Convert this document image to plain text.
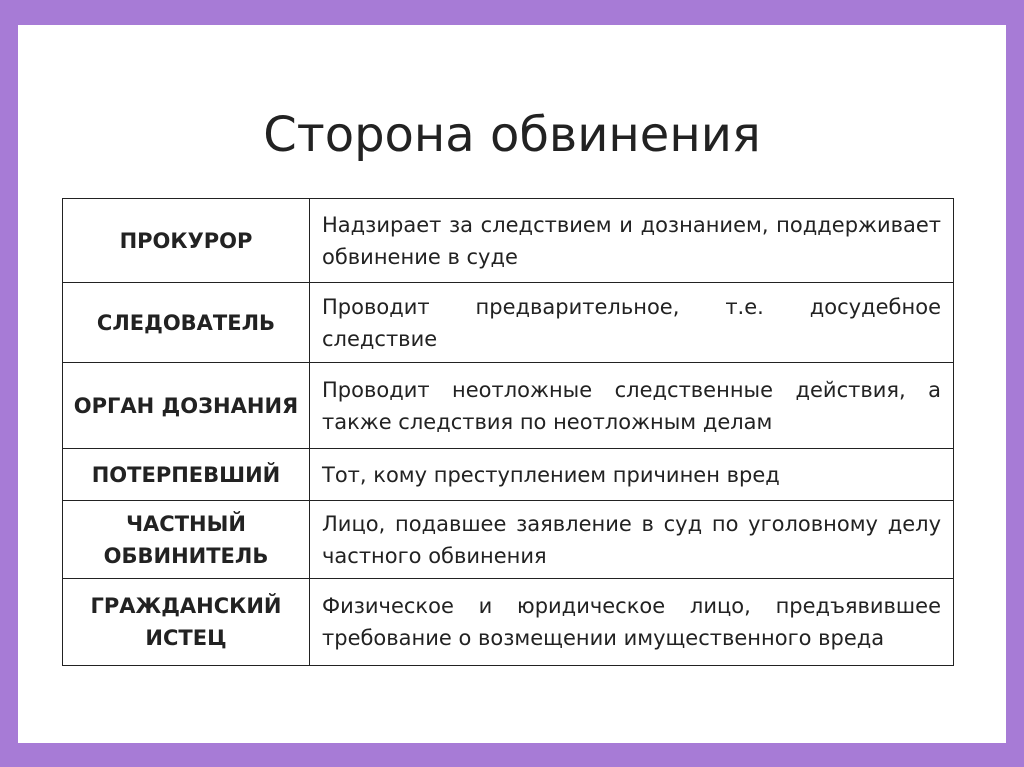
Сторона обвинения
ПРОКУРОР	Надзирает за следствием и дознанием, поддерживает обвинение в суде
СЛЕДОВАТЕЛЬ	Проводит предварительное, т.е. досудебное следствие
ОРГАН ДОЗНАНИЯ	Проводит неотложные следственные действия, а также следствия по неотложным делам
ПОТЕРПЕВШИЙ	Тот, кому преступлением причинен вред
ЧАСТНЫЙ ОБВИНИТЕЛЬ	Лицо, подавшее заявление в суд по уголовному делу частного обвинения
ГРАЖДАНСКИЙ ИСТЕЦ	Физическое и юридическое лицо, предъявившее требование о возмещении имущественного вреда
